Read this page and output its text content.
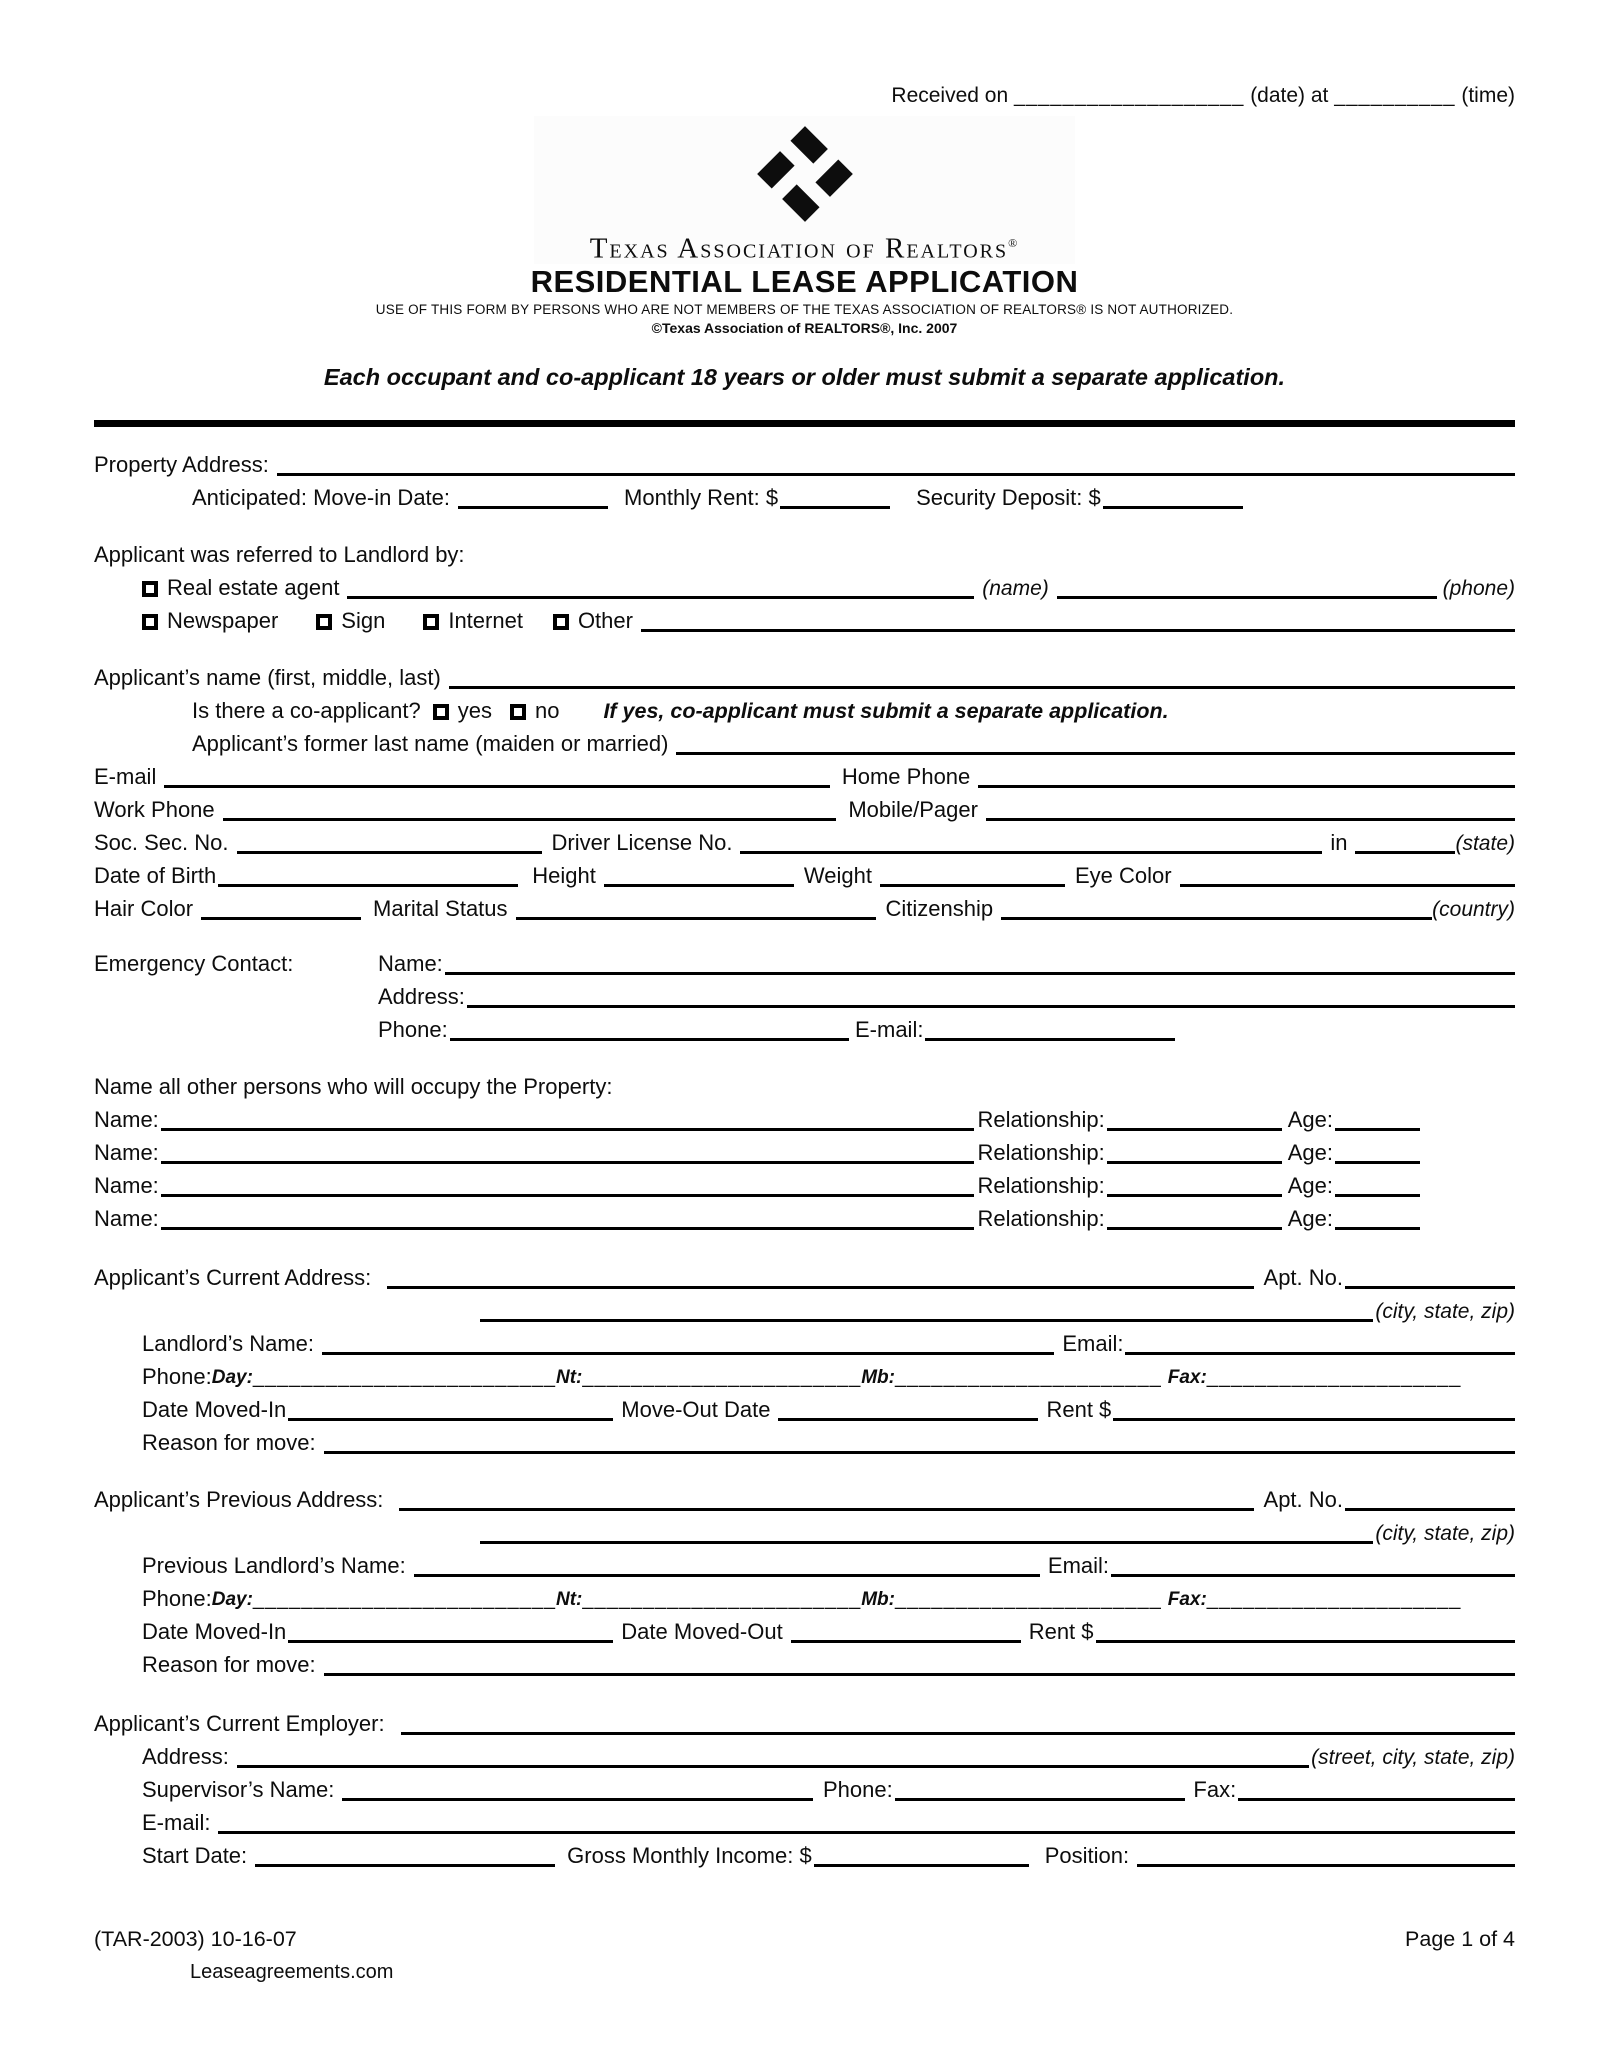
Received on ___________________ (date) at __________ (time)
Texas Association of Realtors®
RESIDENTIAL LEASE APPLICATION
USE OF THIS FORM BY PERSONS WHO ARE NOT MEMBERS OF THE TEXAS ASSOCIATION OF REALTORS® IS NOT AUTHORIZED.
©Texas Association of REALTORS®, Inc. 2007
Each occupant and co-applicant 18 years or older must submit a separate application.
Property Address:
Anticipated: Move-in Date:	Monthly Rent: $	Security Deposit: $
Applicant was referred to Landlord by:
Real estate agent	(name)	(phone)
Newspaper	Sign	Internet	Other
Applicant’s name (first, middle, last)
Is there a co-applicant? yes no If yes, co-applicant must submit a separate application.
Applicant’s former last name (maiden or married)
E-mail	Home Phone
Work Phone	Mobile/Pager
Soc. Sec. No.	Driver License No.	in	(state)
Date of Birth	Height	Weight	Eye Color
Hair Color	Marital Status	Citizenship	(country)
Emergency Contact:	Name:
Address:
Phone:	E-mail:
Name all other persons who will occupy the Property:
Name:	Relationship:	Age:
Name:	Relationship:	Age:
Name:	Relationship:	Age:
Name:	Relationship:	Age:
Applicant’s Current Address:	Apt. No.
(city, state, zip)
Landlord’s Name:	Email:
Phone: Day: _________________________ Nt: _______________________ Mb: ______________________ Fax: _____________________
Date Moved-In	Move-Out Date	Rent $
Reason for move:
Applicant’s Previous Address:	Apt. No.
(city, state, zip)
Previous Landlord’s Name:	Email:
Phone: Day: _________________________ Nt: _______________________ Mb: ______________________ Fax: _____________________
Date Moved-In	Date Moved-Out	Rent $
Reason for move:
Applicant’s Current Employer:
Address:	(street, city, state, zip)
Supervisor’s Name:	Phone:	Fax:
E-mail:
Start Date:	Gross Monthly Income: $	Position:
(TAR-2003) 10-16-07	Page 1 of 4
Leaseagreements.com
